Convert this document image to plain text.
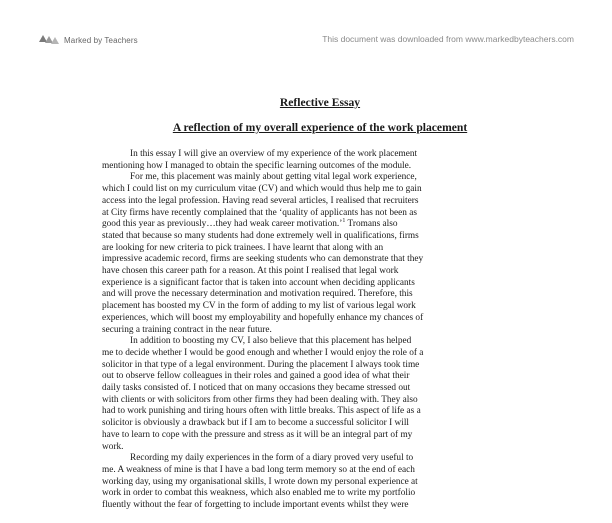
Marked by Teachers	This document was downloaded from www.markedbyteachers.com
Reflective Essay
A reflection of my overall experience of the work placement
In this essay I will give an overview of my experience of the work placement
mentioning how I managed to obtain the specific learning outcomes of the module.
For me, this placement was mainly about getting vital legal work experience,
which I could list on my curriculum vitae (CV) and which would thus help me to gain
access into the legal profession. Having read several articles, I realised that recruiters
at City firms have recently complained that the ‘quality of applicants has not been as
good this year as previously…they had weak career motivation.’$^1$ Tromans also
stated that because so many students had done extremely well in qualifications, firms
are looking for new criteria to pick trainees. I have learnt that along with an
impressive academic record, firms are seeking students who can demonstrate that they
have chosen this career path for a reason. At this point I realised that legal work
experience is a significant factor that is taken into account when deciding applicants
and will prove the necessary determination and motivation required. Therefore, this
placement has boosted my CV in the form of adding to my list of various legal work
experiences, which will boost my employability and hopefully enhance my chances of
securing a training contract in the near future.
In addition to boosting my CV, I also believe that this placement has helped
me to decide whether I would be good enough and whether I would enjoy the role of a
solicitor in that type of a legal environment. During the placement I always took time
out to observe fellow colleagues in their roles and gained a good idea of what their
daily tasks consisted of. I noticed that on many occasions they became stressed out
with clients or with solicitors from other firms they had been dealing with. They also
had to work punishing and tiring hours often with little breaks. This aspect of life as a
solicitor is obviously a drawback but if I am to become a successful solicitor I will
have to learn to cope with the pressure and stress as it will be an integral part of my
work.
Recording my daily experiences in the form of a diary proved very useful to
me. A weakness of mine is that I have a bad long term memory so at the end of each
working day, using my organisational skills, I wrote down my personal experience at
work in order to combat this weakness, which also enabled me to write my portfolio
fluently without the fear of forgetting to include important events whilst they were
